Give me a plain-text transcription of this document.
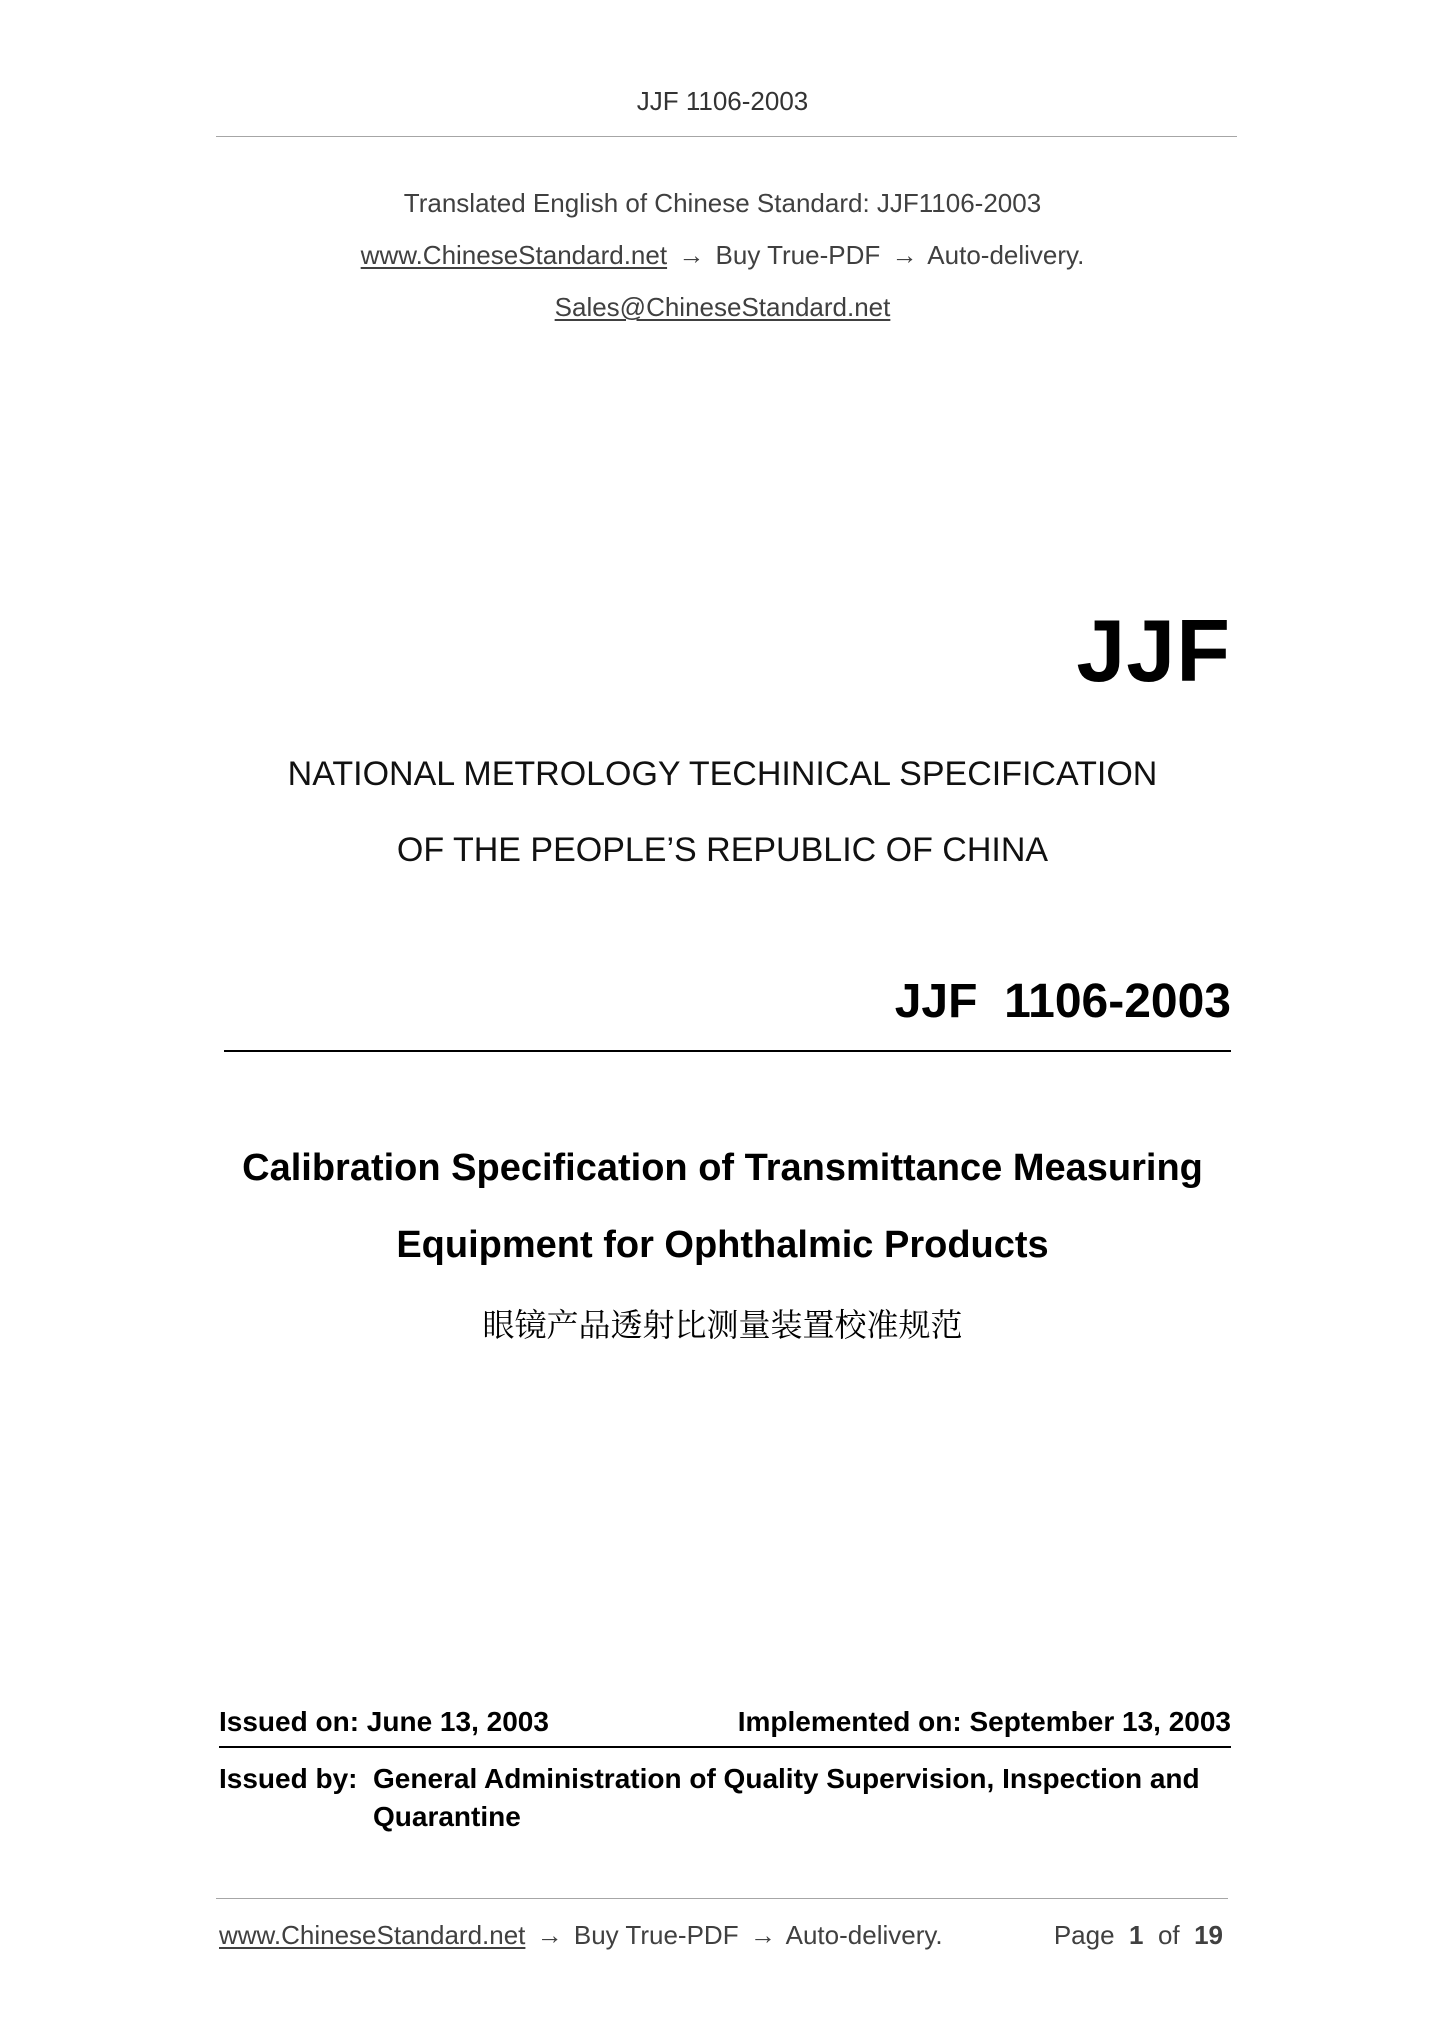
JJF 1106-2003
Translated English of Chinese Standard: JJF1106-2003
www.ChineseStandard.net → Buy True-PDF → Auto-delivery.
Sales@ChineseStandard.net
JJF
NATIONAL METROLOGY TECHINICAL SPECIFICATION
OF THE PEOPLE’S REPUBLIC OF CHINA
JJF 1106-2003
Calibration Specification of Transmittance Measuring
Equipment for Ophthalmic Products
眼镜产品透射比测量装置校准规范
Issued on: June 13, 2003	Implemented on: September 13, 2003
Issued by: General Administration of Quality Supervision, Inspection and Quarantine
www.ChineseStandard.net → Buy True-PDF → Auto-delivery.	Page 1 of 19
